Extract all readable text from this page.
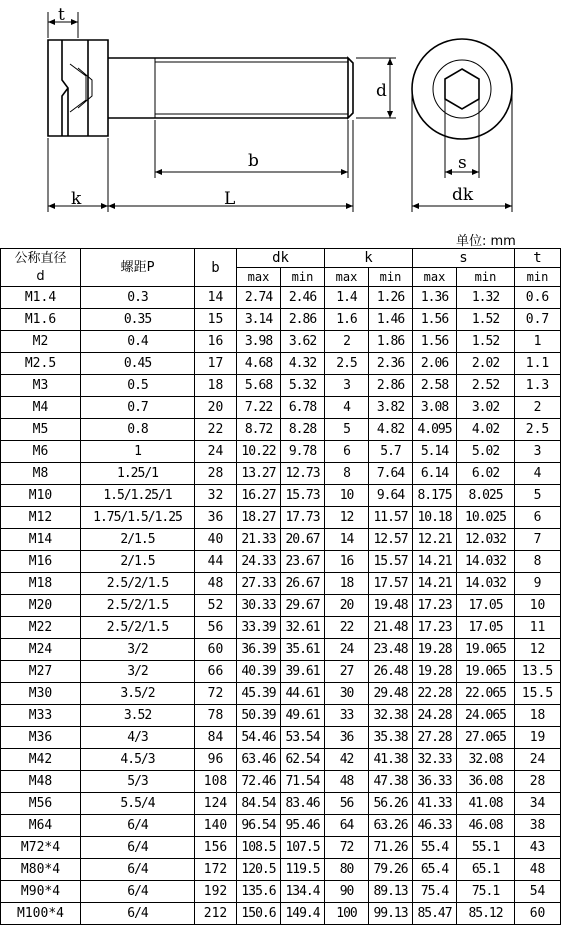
t
d
b
k	L
s
dk
单位: mm
公称直径
d	螺距P	b	dk		k		s		t
			max	min	max	min	max	min	min
M1.4	0.3	14	2.74	2.46	1.4	1.26	1.36	1.32	0.6
M1.6	0.35	15	3.14	2.86	1.6	1.46	1.56	1.52	0.7
M2	0.4	16	3.98	3.62	2	1.86	1.56	1.52	1
M2.5	0.45	17	4.68	4.32	2.5	2.36	2.06	2.02	1.1
M3	0.5	18	5.68	5.32	3	2.86	2.58	2.52	1.3
M4	0.7	20	7.22	6.78	4	3.82	3.08	3.02	2
M5	0.8	22	8.72	8.28	5	4.82	4.095	4.02	2.5
M6	1	24	10.22	9.78	6	5.7	5.14	5.02	3
M8	1.25/1	28	13.27	12.73	8	7.64	6.14	6.02	4
M10	1.5/1.25/1	32	16.27	15.73	10	9.64	8.175	8.025	5
M12	1.75/1.5/1.25	36	18.27	17.73	12	11.57	10.18	10.025	6
M14	2/1.5	40	21.33	20.67	14	12.57	12.21	12.032	7
M16	2/1.5	44	24.33	23.67	16	15.57	14.21	14.032	8
M18	2.5/2/1.5	48	27.33	26.67	18	17.57	14.21	14.032	9
M20	2.5/2/1.5	52	30.33	29.67	20	19.48	17.23	17.05	10
M22	2.5/2/1.5	56	33.39	32.61	22	21.48	17.23	17.05	11
M24	3/2	60	36.39	35.61	24	23.48	19.28	19.065	12
M27	3/2	66	40.39	39.61	27	26.48	19.28	19.065	13.5
M30	3.5/2	72	45.39	44.61	30	29.48	22.28	22.065	15.5
M33	3.52	78	50.39	49.61	33	32.38	24.28	24.065	18
M36	4/3	84	54.46	53.54	36	35.38	27.28	27.065	19
M42	4.5/3	96	63.46	62.54	42	41.38	32.33	32.08	24
M48	5/3	108	72.46	71.54	48	47.38	36.33	36.08	28
M56	5.5/4	124	84.54	83.46	56	56.26	41.33	41.08	34
M64	6/4	140	96.54	95.46	64	63.26	46.33	46.08	38
M72*4	6/4	156	108.5	107.5	72	71.26	55.4	55.1	43
M80*4	6/4	172	120.5	119.5	80	79.26	65.4	65.1	48
M90*4	6/4	192	135.6	134.4	90	89.13	75.4	75.1	54
M100*4	6/4	212	150.6	149.4	100	99.13	85.47	85.12	60
